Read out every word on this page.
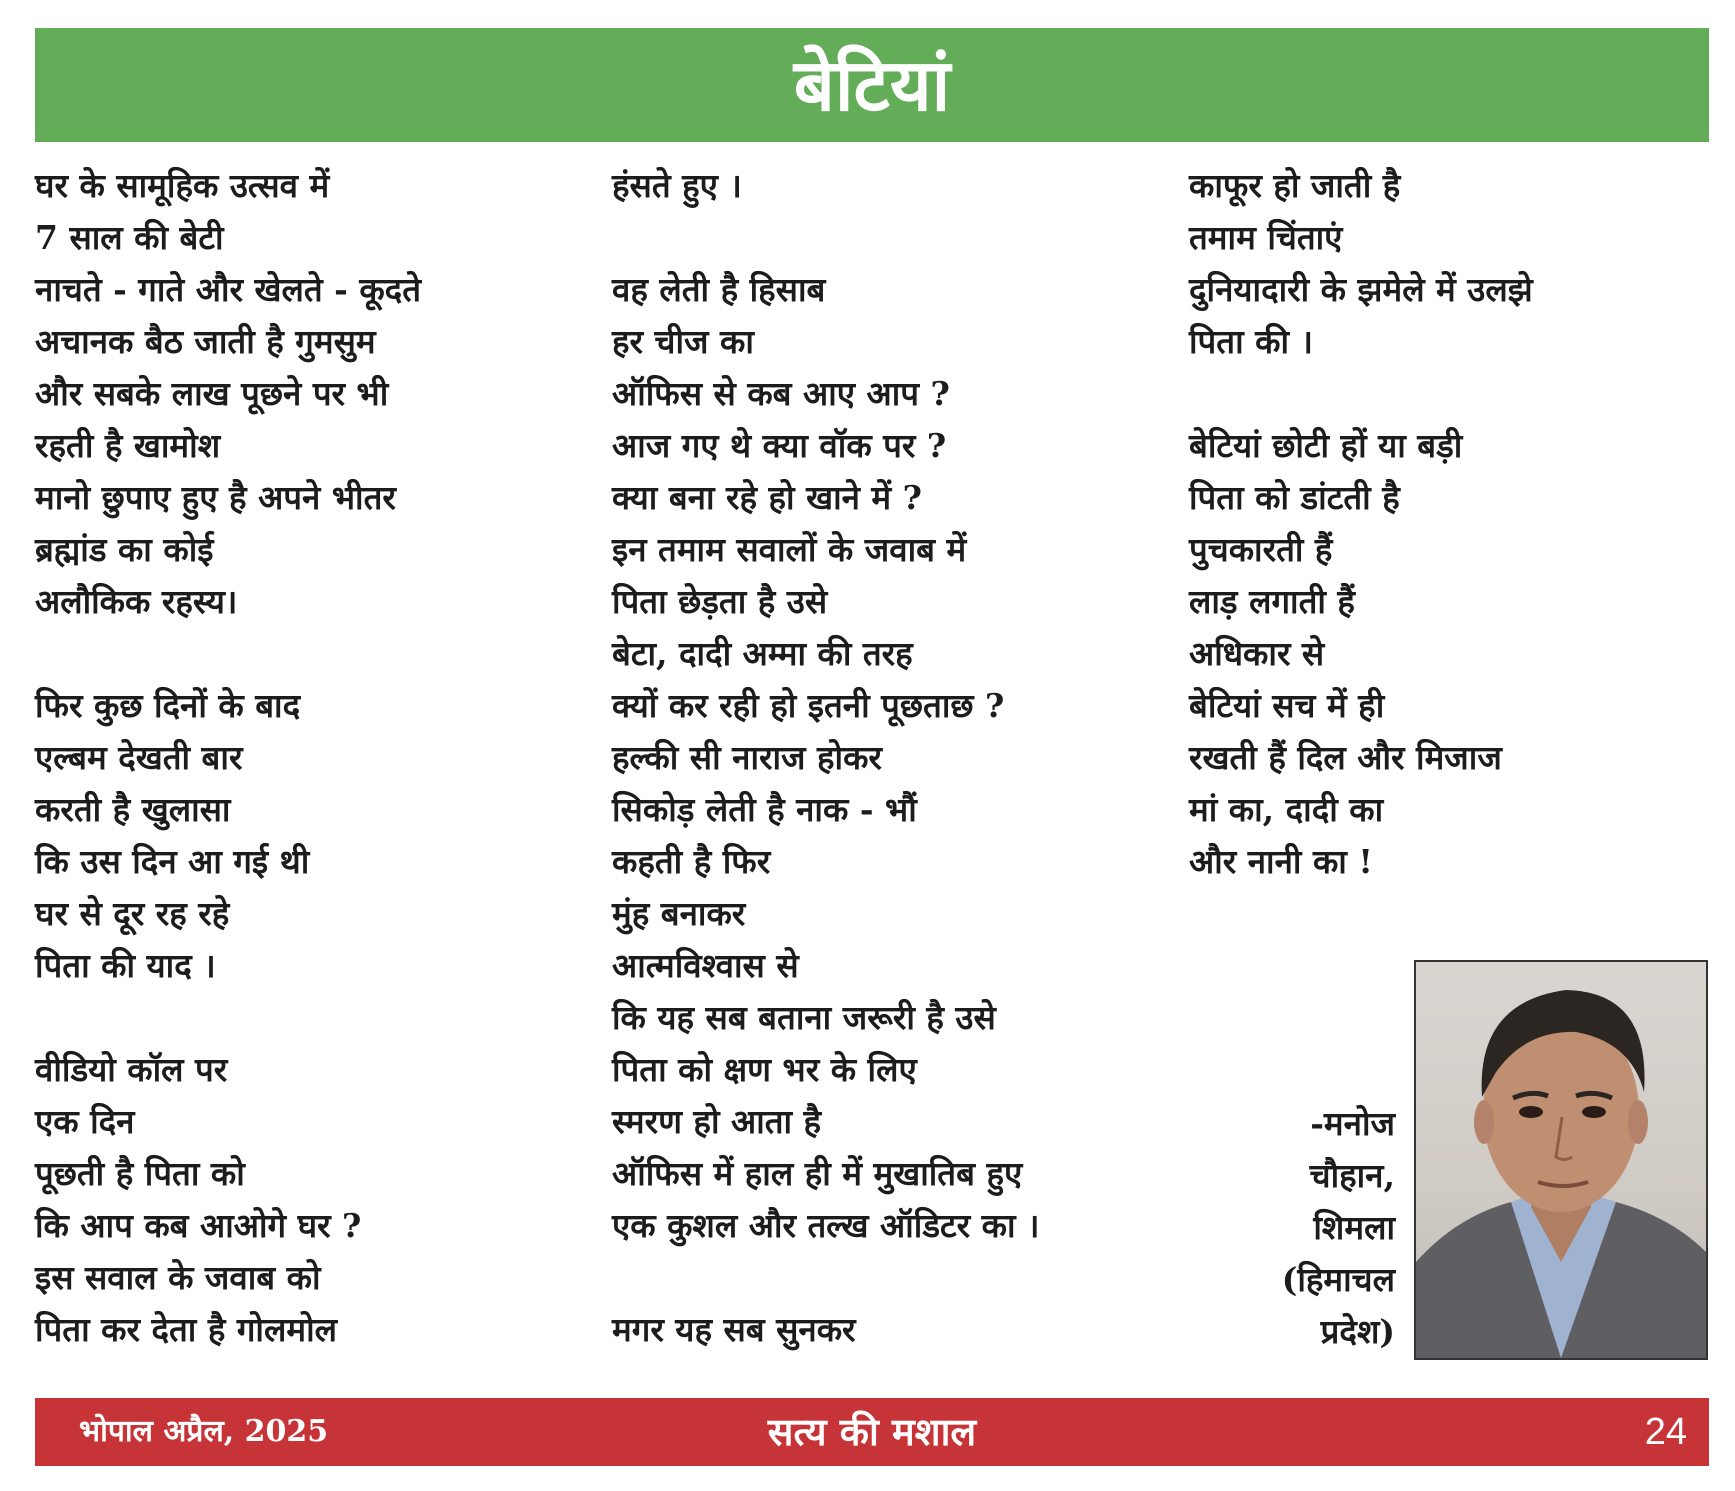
बेटियां
घर के सामूहिक उत्सव में
7 साल की बेटी
नाचते - गाते और खेलते - कूदते
अचानक बैठ जाती है गुमसुम
और सबके लाख पूछने पर भी
रहती है खामोश
मानो छुपाए हुए है अपने भीतर
ब्रह्मांड का कोई
अलौकिक रहस्य।
फिर कुछ दिनों के बाद
एल्बम देखती बार
करती है खुलासा
कि उस दिन आ गई थी
घर से दूर रह रहे
पिता की याद ।
वीडियो कॉल पर
एक दिन
पूछती है पिता को
कि आप कब आओगे घर ?
इस सवाल के जवाब को
पिता कर देता है गोलमोल
हंसते हुए ।
वह लेती है हिसाब
हर चीज का
ऑफिस से कब आए आप ?
आज गए थे क्या वॉक पर ?
क्या बना रहे हो खाने में ?
इन तमाम सवालों के जवाब में
पिता छेड़ता है उसे
बेटा, दादी अम्मा की तरह
क्यों कर रही हो इतनी पूछताछ ?
हल्की सी नाराज होकर
सिकोड़ लेती है नाक - भौं
कहती है फिर
मुंह बनाकर
आत्मविश्वास से
कि यह सब बताना जरूरी है उसे
पिता को क्षण भर के लिए
स्मरण हो आता है
ऑफिस में हाल ही में मुखातिब हुए
एक कुशल और तल्ख ऑडिटर का ।
मगर यह सब सुनकर
काफूर हो जाती है
तमाम चिंताएं
दुनियादारी के झमेले में उलझे
पिता की ।
बेटियां छोटी हों या बड़ी
पिता को डांटती है
पुचकारती हैं
लाड़ लगाती हैं
अधिकार से
बेटियां सच में ही
रखती हैं दिल और मिजाज
मां का, दादी का
और नानी का !
-मनोज
चौहान,
शिमला
(हिमाचल
प्रदेश)
भोपाल अप्रैल, 2025	सत्य की मशाल	24
